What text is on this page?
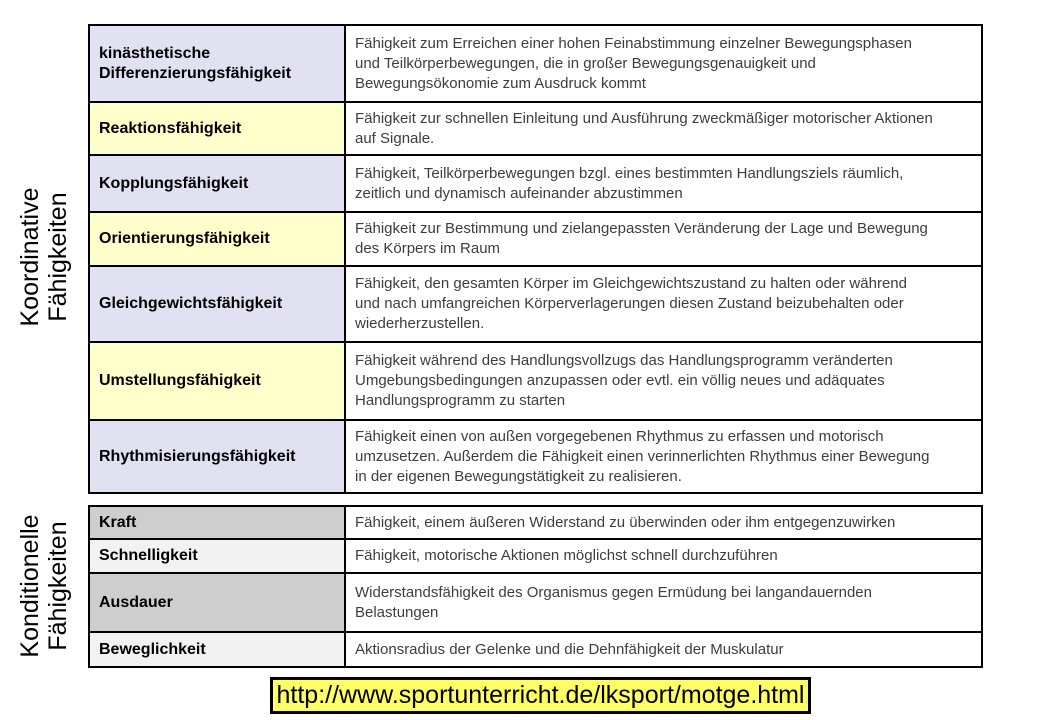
Koordinative Fähigkeiten
Konditionelle Fähigkeiten
kinästhetische Differenzierungsfähigkeit	Fähigkeit zum Erreichen einer hohen Feinabstimmung einzelner Bewegungsphasen und Teilkörperbewegungen, die in großer Bewegungsgenauigkeit und Bewegungsökonomie zum Ausdruck kommt
Reaktionsfähigkeit	Fähigkeit zur schnellen Einleitung und Ausführung zweckmäßiger motorischer Aktionen auf Signale.
Kopplungsfähigkeit	Fähigkeit, Teilkörperbewegungen bzgl. eines bestimmten Handlungsziels räumlich, zeitlich und dynamisch aufeinander abzustimmen
Orientierungsfähigkeit	Fähigkeit zur Bestimmung und zielangepassten Veränderung der Lage und Bewegung des Körpers im Raum
Gleichgewichtsfähigkeit	Fähigkeit, den gesamten Körper im Gleichgewichtszustand zu halten oder während und nach umfangreichen Körperverlagerungen diesen Zustand beizubehalten oder wiederherzustellen.
Umstellungsfähigkeit	Fähigkeit während des Handlungsvollzugs das Handlungsprogramm veränderten Umgebungsbedingungen anzupassen oder evtl. ein völlig neues und adäquates Handlungsprogramm zu starten
Rhythmisierungsfähigkeit	Fähigkeit einen von außen vorgegebenen Rhythmus zu erfassen und motorisch umzusetzen. Außerdem die Fähigkeit einen verinnerlichten Rhythmus einer Bewegung in der eigenen Bewegungstätigkeit zu realisieren.
Kraft	Fähigkeit, einem äußeren Widerstand zu überwinden oder ihm entgegenzuwirken
Schnelligkeit	Fähigkeit, motorische Aktionen möglichst schnell durchzuführen
Ausdauer	Widerstandsfähigkeit des Organismus gegen Ermüdung bei langandauernden Belastungen
Beweglichkeit	Aktionsradius der Gelenke und die Dehnfähigkeit der Muskulatur
http://www.sportunterricht.de/lksport/motge.html
